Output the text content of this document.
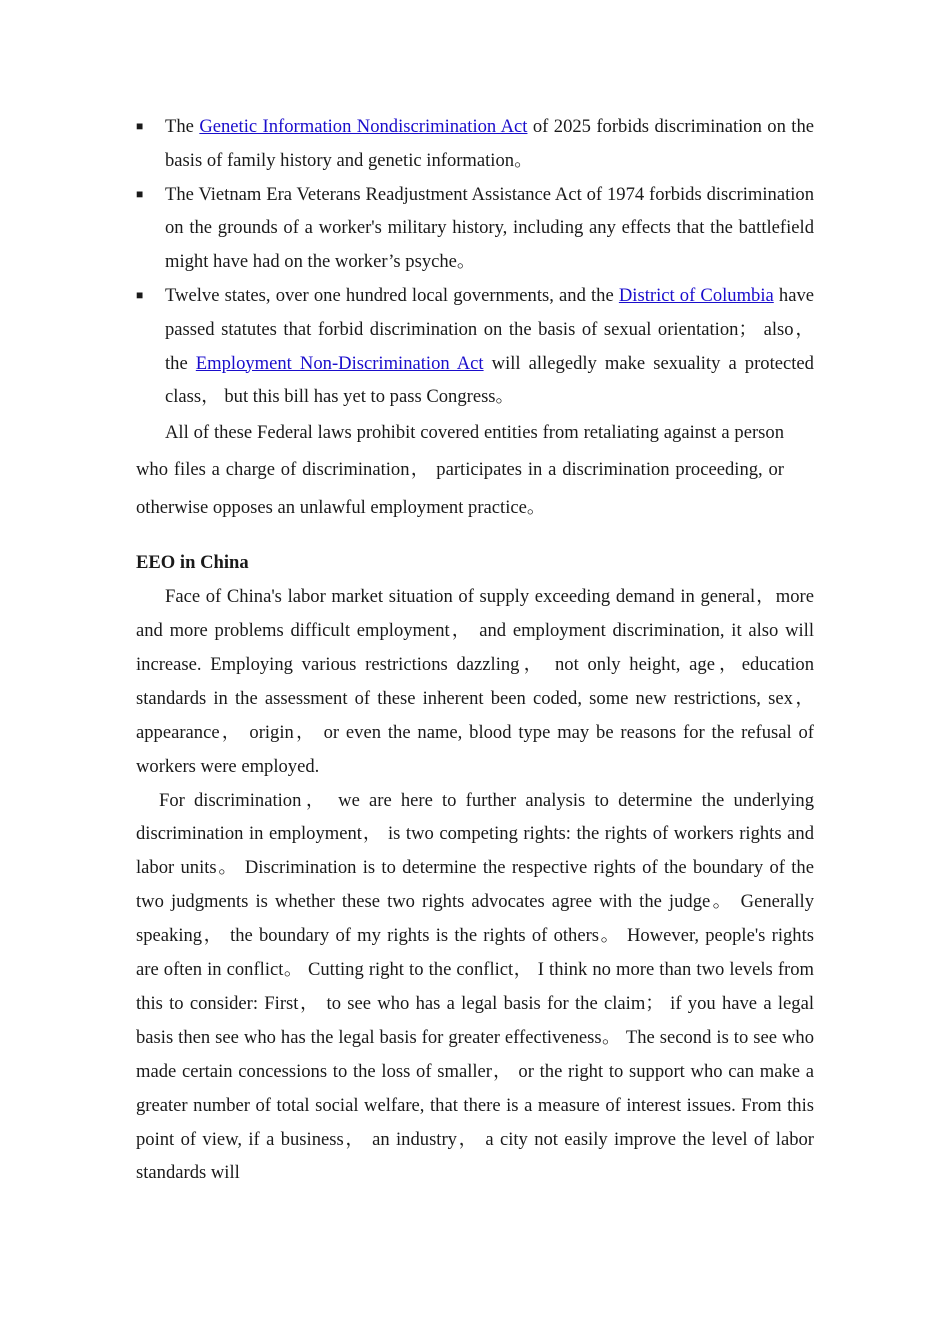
■ The Genetic Information Nondiscrimination Act of 2025 forbids discrimination on the basis of family history and genetic information。
■ The Vietnam Era Veterans Readjustment Assistance Act of 1974 forbids discrimination on the grounds of a worker's military history, including any effects that the battlefield might have had on the worker’s psyche。
■ Twelve states, over one hundred local governments, and the District of Columbia have passed statutes that forbid discrimination on the basis of sexual orientation； also， the Employment Non-Discrimination Act will allegedly make sexuality a protected class， but this bill has yet to pass Congress。

All of these Federal laws prohibit covered entities from retaliating against a person who files a charge of discrimination， participates in a discrimination proceeding, or otherwise opposes an unlawful employment practice。

EEO in China

Face of China's labor market situation of supply exceeding demand in general，more and more problems difficult employment， and employment discrimination, it also will increase. Employing various restrictions dazzling， not only height, age，education standards in the assessment of these inherent been coded, some new restrictions, sex， appearance， origin， or even the name, blood type may be reasons for the refusal of workers were employed.

For discrimination， we are here to further analysis to determine the underlying discrimination in employment， is two competing rights: the rights of workers rights and labor units。 Discrimination is to determine the respective rights of the boundary of the two judgments is whether these two rights advocates agree with the judge。 Generally speaking， the boundary of my rights is the rights of others。 However, people's rights are often in conflict。 Cutting right to the conflict， I think no more than two levels from this to consider: First， to see who has a legal basis for the claim； if you have a legal basis then see who has the legal basis for greater effectiveness。 The second is to see who made certain concessions to the loss of smaller， or the right to support who can make a greater number of total social welfare, that there is a measure of interest issues. From this point of view, if a business， an industry， a city not easily improve the level of labor standards will
